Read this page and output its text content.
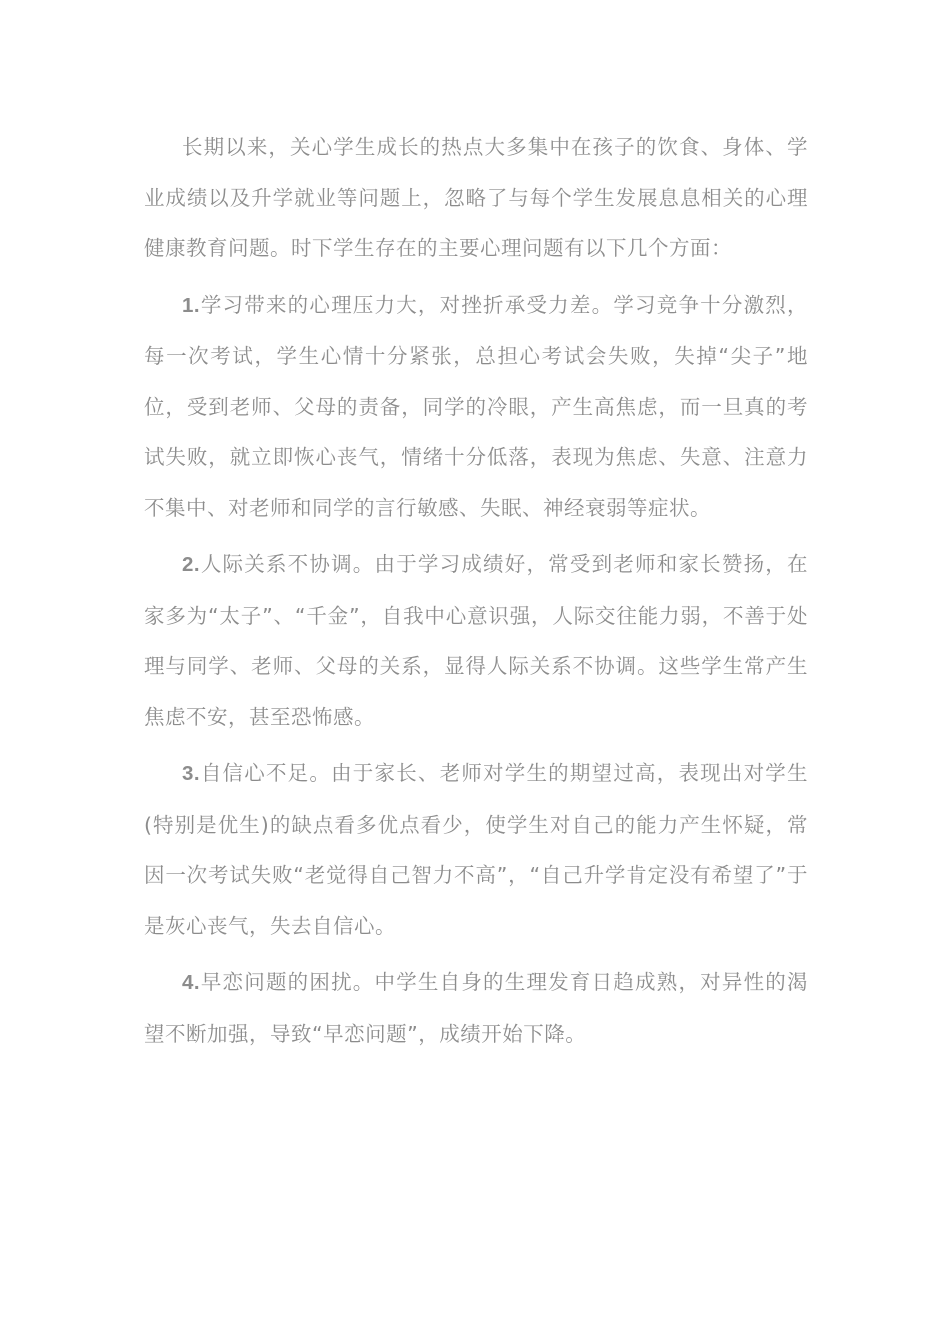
长期以来，关心学生成长的热点大多集中在孩子的饮食、身体、学业成绩以及升学就业等问题上，忽略了与每个学生发展息息相关的心理健康教育问题。时下学生存在的主要心理问题有以下几个方面：

1.学习带来的心理压力大，对挫折承受力差。学习竞争十分激烈，每一次考试，学生心情十分紧张，总担心考试会失败，失掉“尖子”地位，受到老师、父母的责备，同学的冷眼，产生高焦虑，而一旦真的考试失败，就立即恢心丧气，情绪十分低落，表现为焦虑、失意、注意力不集中、对老师和同学的言行敏感、失眠、神经衰弱等症状。

2.人际关系不协调。由于学习成绩好，常受到老师和家长赞扬，在家多为“太子”、“千金”，自我中心意识强，人际交往能力弱，不善于处理与同学、老师、父母的关系，显得人际关系不协调。这些学生常产生焦虑不安，甚至恐怖感。

3.自信心不足。由于家长、老师对学生的期望过高，表现出对学生(特别是优生)的缺点看多优点看少，使学生对自己的能力产生怀疑，常因一次考试失败“老觉得自己智力不高”，“自己升学肯定没有希望了”于是灰心丧气，失去自信心。

4.早恋问题的困扰。中学生自身的生理发育日趋成熟，对异性的渴望不断加强，导致“早恋问题”，成绩开始下降。
